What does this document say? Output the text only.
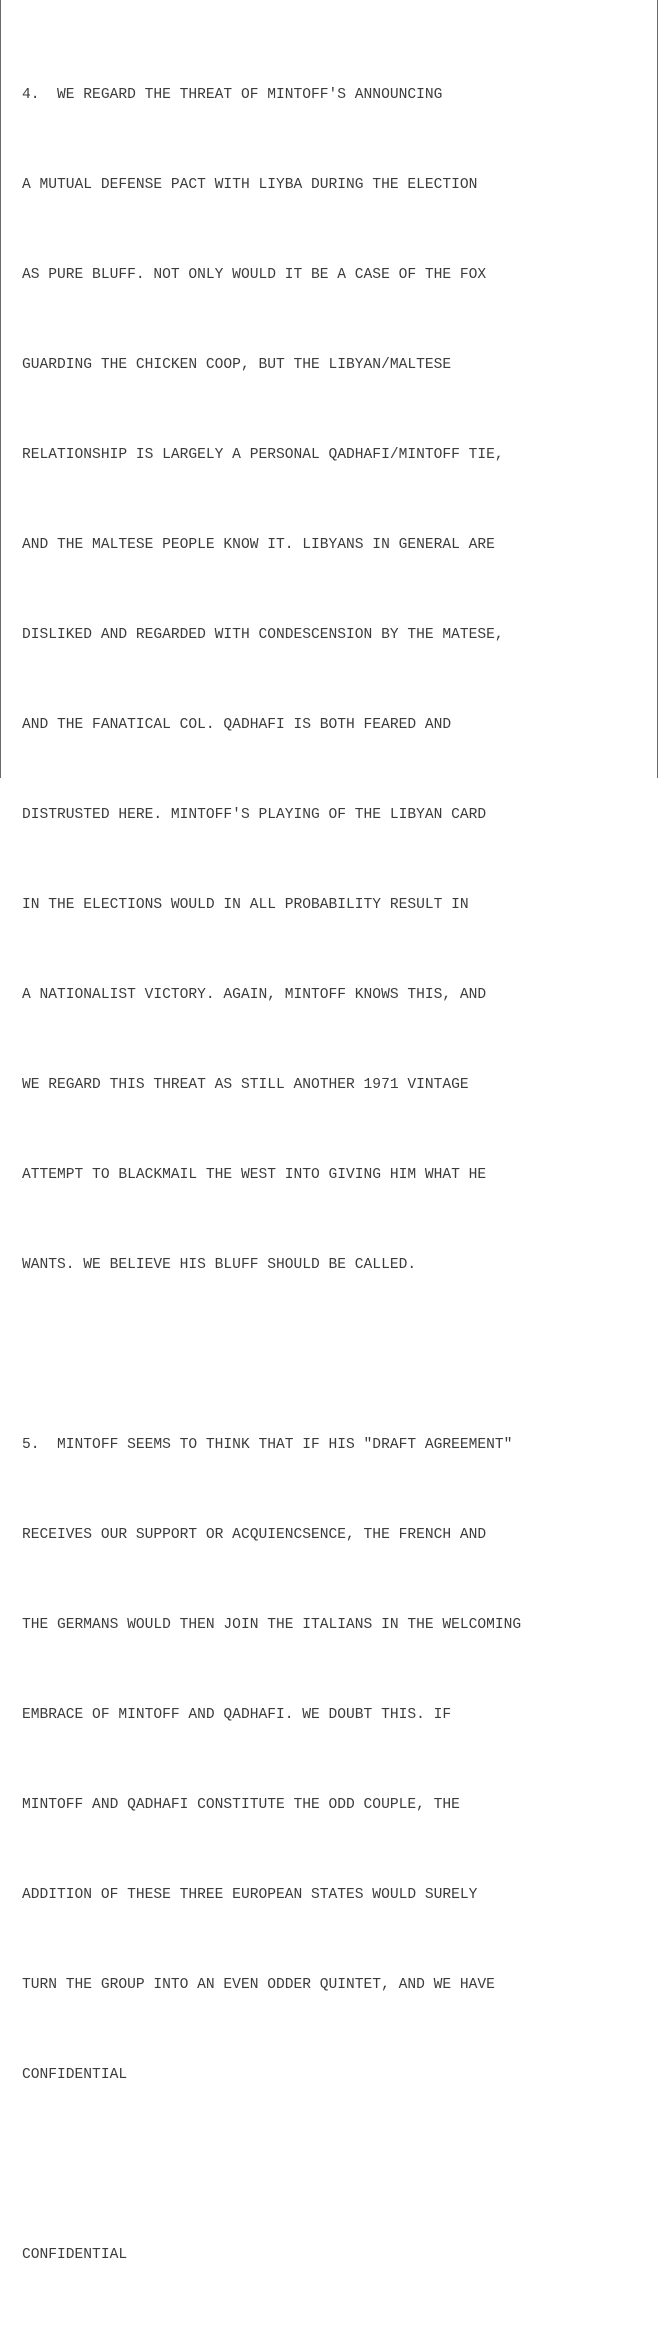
4.  WE REGARD THE THREAT OF MINTOFF'S ANNOUNCING

A MUTUAL DEFENSE PACT WITH LIYBA DURING THE ELECTION

AS PURE BLUFF. NOT ONLY WOULD IT BE A CASE OF THE FOX

GUARDING THE CHICKEN COOP, BUT THE LIBYAN/MALTESE

RELATIONSHIP IS LARGELY A PERSONAL QADHAFI/MINTOFF TIE,

AND THE MALTESE PEOPLE KNOW IT. LIBYANS IN GENERAL ARE

DISLIKED AND REGARDED WITH CONDESCENSION BY THE MATESE,

AND THE FANATICAL COL. QADHAFI IS BOTH FEARED AND

DISTRUSTED HERE. MINTOFF'S PLAYING OF THE LIBYAN CARD

IN THE ELECTIONS WOULD IN ALL PROBABILITY RESULT IN

A NATIONALIST VICTORY. AGAIN, MINTOFF KNOWS THIS, AND

WE REGARD THIS THREAT AS STILL ANOTHER 1971 VINTAGE

ATTEMPT TO BLACKMAIL THE WEST INTO GIVING HIM WHAT HE

WANTS. WE BELIEVE HIS BLUFF SHOULD BE CALLED.

5.  MINTOFF SEEMS TO THINK THAT IF HIS "DRAFT AGREEMENT"

RECEIVES OUR SUPPORT OR ACQUIENCSENCE, THE FRENCH AND

THE GERMANS WOULD THEN JOIN THE ITALIANS IN THE WELCOMING

EMBRACE OF MINTOFF AND QADHAFI. WE DOUBT THIS. IF

MINTOFF AND QADHAFI CONSTITUTE THE ODD COUPLE, THE

ADDITION OF THESE THREE EUROPEAN STATES WOULD SURELY

TURN THE GROUP INTO AN EVEN ODDER QUINTET, AND WE HAVE

CONFIDENTIAL

CONFIDENTIAL
